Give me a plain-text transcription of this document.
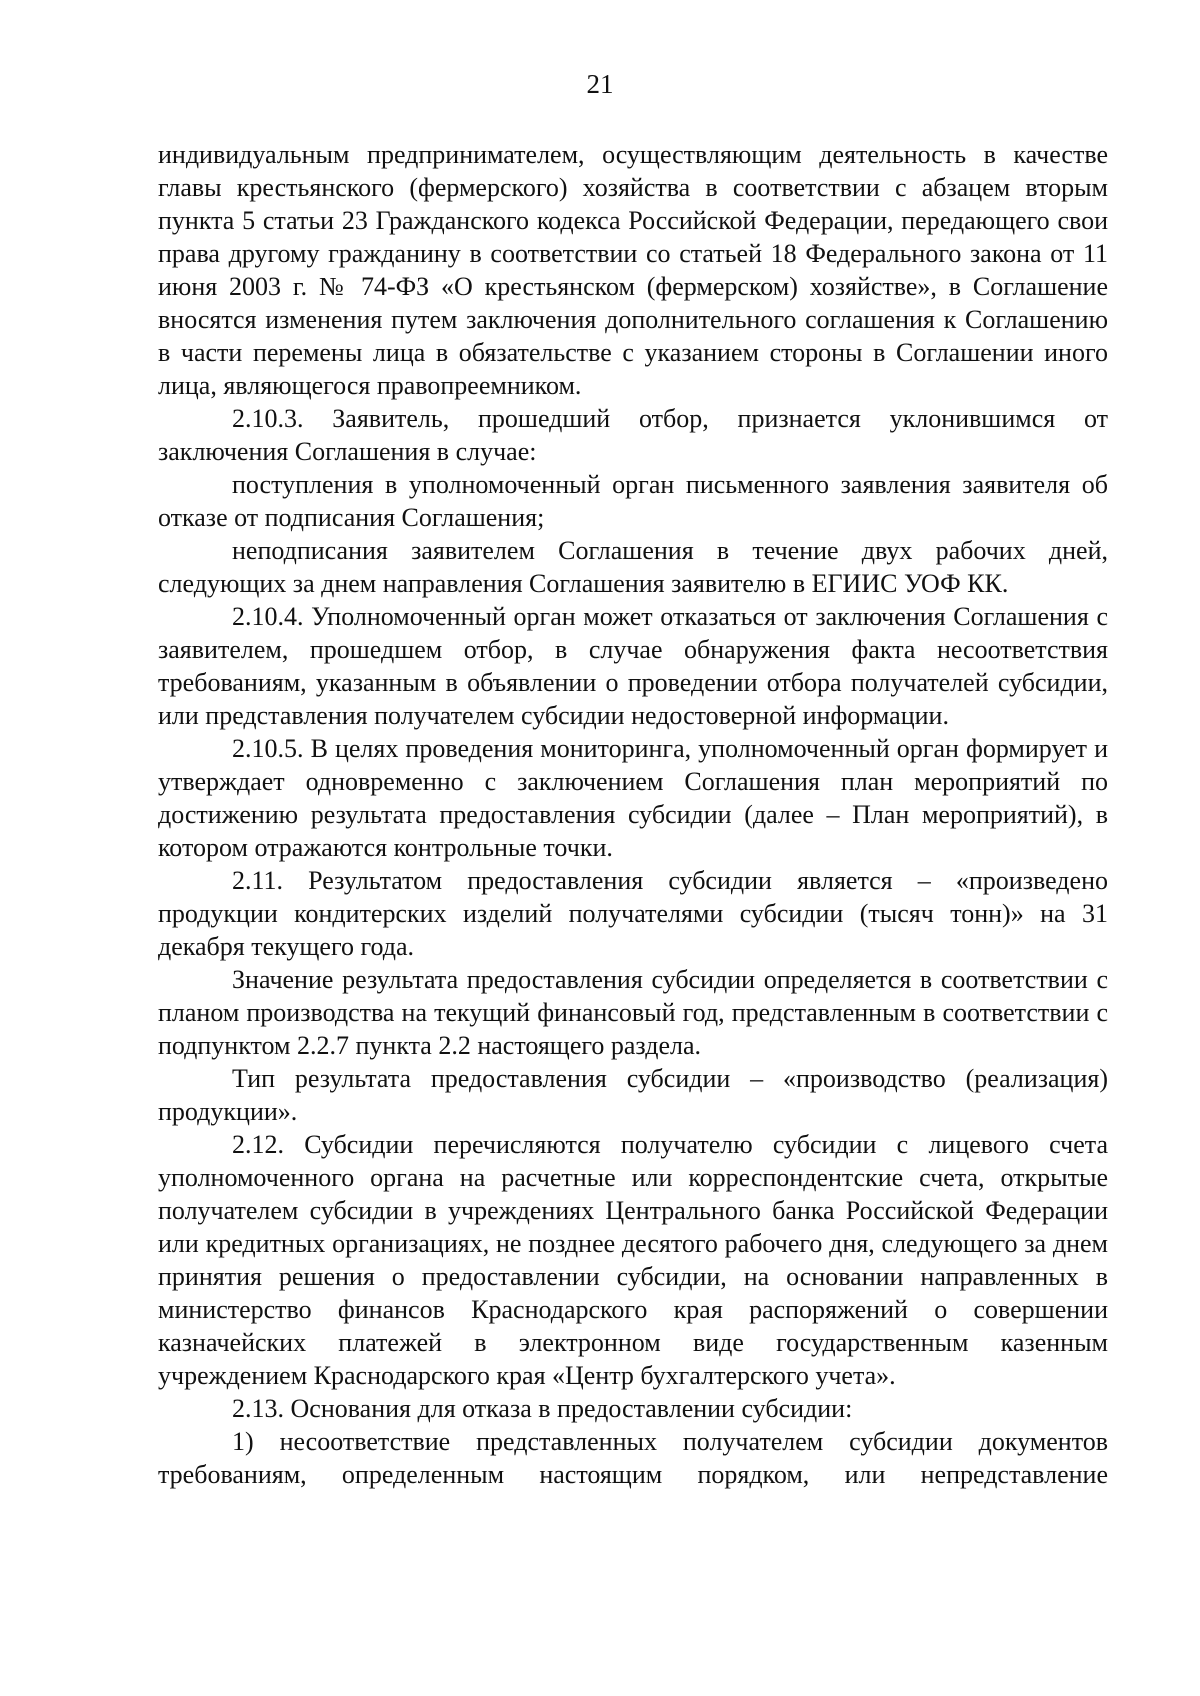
21

индивидуальным предпринимателем, осуществляющим деятельность в качестве главы крестьянского (фермерского) хозяйства в соответствии с абзацем вторым пункта 5 статьи 23 Гражданского кодекса Российской Федерации, передающего свои права другому гражданину в соответствии со статьей 18 Федерального закона от 11 июня 2003 г. № 74-ФЗ «О крестьянском (фермерском) хозяйстве», в Соглашение вносятся изменения путем заключения дополнительного соглашения к Соглашению в части перемены лица в обязательстве с указанием стороны в Соглашении иного лица, являющегося правопреемником.

2.10.3. Заявитель, прошедший отбор, признается уклонившимся от заключения Соглашения в случае:

поступления в уполномоченный орган письменного заявления заявителя об отказе от подписания Соглашения;

неподписания заявителем Соглашения в течение двух рабочих дней, следующих за днем направления Соглашения заявителю в ЕГИИС УОФ КК.

2.10.4. Уполномоченный орган может отказаться от заключения Соглашения с заявителем, прошедшем отбор, в случае обнаружения факта несоответствия требованиям, указанным в объявлении о проведении отбора получателей субсидии, или представления получателем субсидии недостоверной информации.

2.10.5. В целях проведения мониторинга, уполномоченный орган формирует и утверждает одновременно с заключением Соглашения план мероприятий по достижению результата предоставления субсидии (далее – План мероприятий), в котором отражаются контрольные точки.

2.11. Результатом предоставления субсидии является – «произведено продукции кондитерских изделий получателями субсидии (тысяч тонн)» на 31 декабря текущего года.

Значение результата предоставления субсидии определяется в соответствии с планом производства на текущий финансовый год, представленным в соответствии с подпунктом 2.2.7 пункта 2.2 настоящего раздела.

Тип результата предоставления субсидии – «производство (реализация) продукции».

2.12. Субсидии перечисляются получателю субсидии с лицевого счета уполномоченного органа на расчетные или корреспондентские счета, открытые получателем субсидии в учреждениях Центрального банка Российской Федерации или кредитных организациях, не позднее десятого рабочего дня, следующего за днем принятия решения о предоставлении субсидии, на основании направленных в министерство финансов Краснодарского края распоряжений о совершении казначейских платежей в электронном виде государственным казенным учреждением Краснодарского края «Центр бухгалтерского учета».

2.13. Основания для отказа в предоставлении субсидии:

1) несоответствие представленных получателем субсидии документов требованиям, определенным настоящим порядком, или непредставление
